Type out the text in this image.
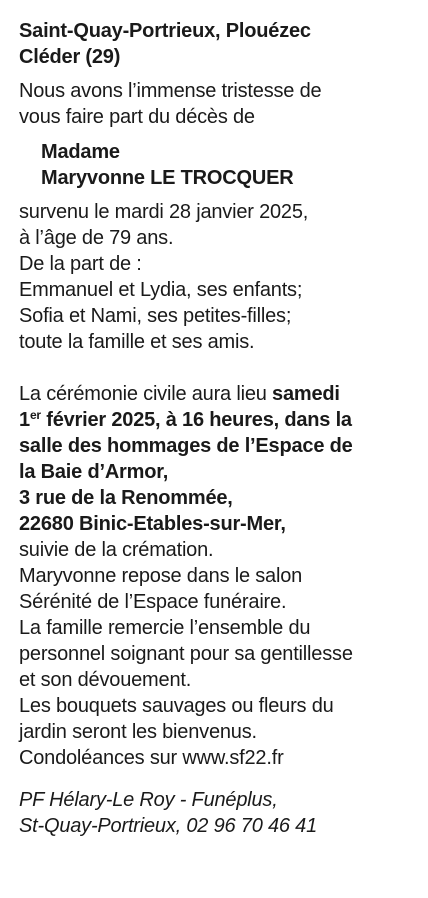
Saint-Quay-Portrieux, Plouézec
Cléder (29)

Nous avons l’immense tristesse de
vous faire part du décès de

Madame
Maryvonne LE TROCQUER

survenu le mardi 28 janvier 2025,
à l’âge de 79 ans.
De la part de :
Emmanuel et Lydia, ses enfants;
Sofia et Nami, ses petites-filles;
toute la famille et ses amis.

La cérémonie civile aura lieu samedi
1er février 2025, à 16 heures, dans la
salle des hommages de l’Espace de
la Baie d’Armor,
3 rue de la Renommée,
22680 Binic-Etables-sur-Mer,
suivie de la crémation.
Maryvonne repose dans le salon
Sérénité de l’Espace funéraire.
La famille remercie l’ensemble du
personnel soignant pour sa gentillesse
et son dévouement.
Les bouquets sauvages ou fleurs du
jardin seront les bienvenus.
Condoléances sur www.sf22.fr

PF Hélary-Le Roy - Funéplus,
St-Quay-Portrieux, 02 96 70 46 41
